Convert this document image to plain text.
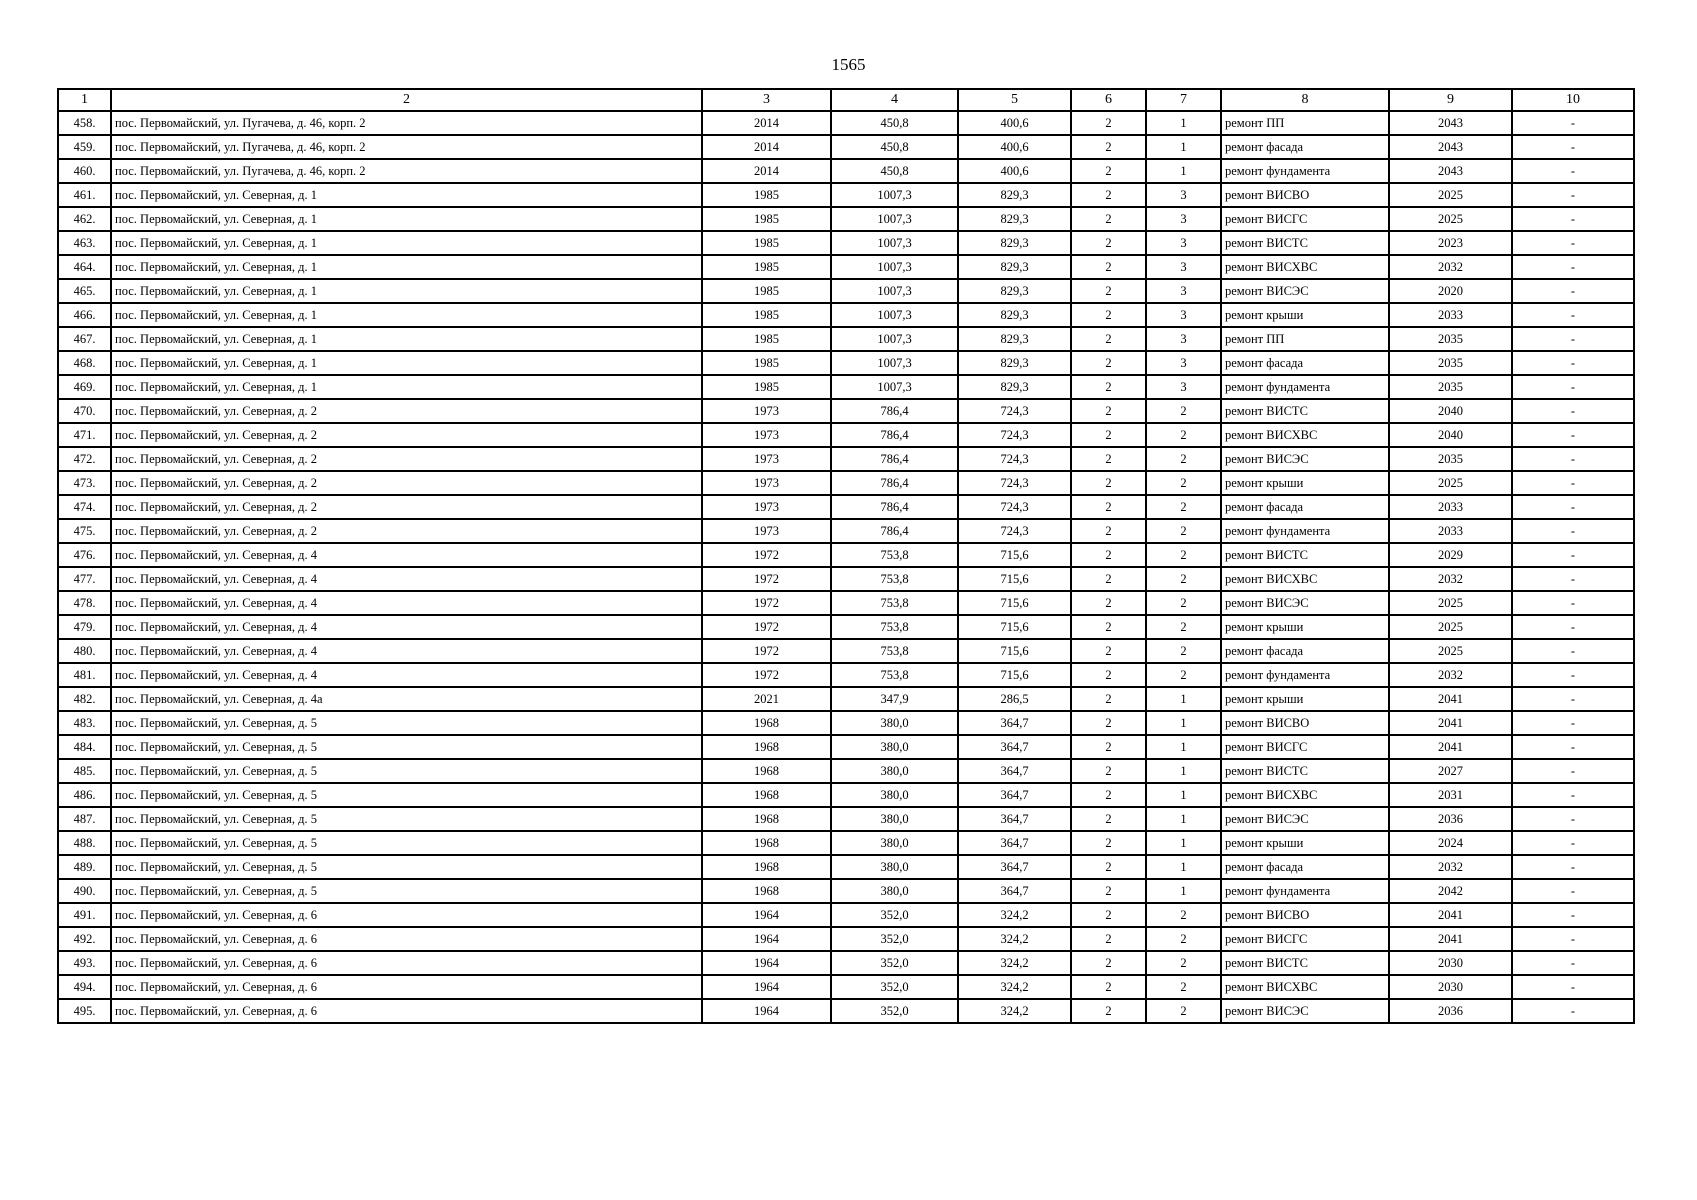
1565
1	2	3	4	5	6	7	8	9	10
458.	пос. Первомайский, ул. Пугачева, д. 46, корп. 2	2014	450,8	400,6	2	1	ремонт ПП	2043	-
459.	пос. Первомайский, ул. Пугачева, д. 46, корп. 2	2014	450,8	400,6	2	1	ремонт фасада	2043	-
460.	пос. Первомайский, ул. Пугачева, д. 46, корп. 2	2014	450,8	400,6	2	1	ремонт фундамента	2043	-
461.	пос. Первомайский, ул. Северная, д. 1	1985	1007,3	829,3	2	3	ремонт ВИСВО	2025	-
462.	пос. Первомайский, ул. Северная, д. 1	1985	1007,3	829,3	2	3	ремонт ВИСГС	2025	-
463.	пос. Первомайский, ул. Северная, д. 1	1985	1007,3	829,3	2	3	ремонт ВИСТС	2023	-
464.	пос. Первомайский, ул. Северная, д. 1	1985	1007,3	829,3	2	3	ремонт ВИСХВС	2032	-
465.	пос. Первомайский, ул. Северная, д. 1	1985	1007,3	829,3	2	3	ремонт ВИСЭС	2020	-
466.	пос. Первомайский, ул. Северная, д. 1	1985	1007,3	829,3	2	3	ремонт крыши	2033	-
467.	пос. Первомайский, ул. Северная, д. 1	1985	1007,3	829,3	2	3	ремонт ПП	2035	-
468.	пос. Первомайский, ул. Северная, д. 1	1985	1007,3	829,3	2	3	ремонт фасада	2035	-
469.	пос. Первомайский, ул. Северная, д. 1	1985	1007,3	829,3	2	3	ремонт фундамента	2035	-
470.	пос. Первомайский, ул. Северная, д. 2	1973	786,4	724,3	2	2	ремонт ВИСТС	2040	-
471.	пос. Первомайский, ул. Северная, д. 2	1973	786,4	724,3	2	2	ремонт ВИСХВС	2040	-
472.	пос. Первомайский, ул. Северная, д. 2	1973	786,4	724,3	2	2	ремонт ВИСЭС	2035	-
473.	пос. Первомайский, ул. Северная, д. 2	1973	786,4	724,3	2	2	ремонт крыши	2025	-
474.	пос. Первомайский, ул. Северная, д. 2	1973	786,4	724,3	2	2	ремонт фасада	2033	-
475.	пос. Первомайский, ул. Северная, д. 2	1973	786,4	724,3	2	2	ремонт фундамента	2033	-
476.	пос. Первомайский, ул. Северная, д. 4	1972	753,8	715,6	2	2	ремонт ВИСТС	2029	-
477.	пос. Первомайский, ул. Северная, д. 4	1972	753,8	715,6	2	2	ремонт ВИСХВС	2032	-
478.	пос. Первомайский, ул. Северная, д. 4	1972	753,8	715,6	2	2	ремонт ВИСЭС	2025	-
479.	пос. Первомайский, ул. Северная, д. 4	1972	753,8	715,6	2	2	ремонт крыши	2025	-
480.	пос. Первомайский, ул. Северная, д. 4	1972	753,8	715,6	2	2	ремонт фасада	2025	-
481.	пос. Первомайский, ул. Северная, д. 4	1972	753,8	715,6	2	2	ремонт фундамента	2032	-
482.	пос. Первомайский, ул. Северная, д. 4а	2021	347,9	286,5	2	1	ремонт крыши	2041	-
483.	пос. Первомайский, ул. Северная, д. 5	1968	380,0	364,7	2	1	ремонт ВИСВО	2041	-
484.	пос. Первомайский, ул. Северная, д. 5	1968	380,0	364,7	2	1	ремонт ВИСГС	2041	-
485.	пос. Первомайский, ул. Северная, д. 5	1968	380,0	364,7	2	1	ремонт ВИСТС	2027	-
486.	пос. Первомайский, ул. Северная, д. 5	1968	380,0	364,7	2	1	ремонт ВИСХВС	2031	-
487.	пос. Первомайский, ул. Северная, д. 5	1968	380,0	364,7	2	1	ремонт ВИСЭС	2036	-
488.	пос. Первомайский, ул. Северная, д. 5	1968	380,0	364,7	2	1	ремонт крыши	2024	-
489.	пос. Первомайский, ул. Северная, д. 5	1968	380,0	364,7	2	1	ремонт фасада	2032	-
490.	пос. Первомайский, ул. Северная, д. 5	1968	380,0	364,7	2	1	ремонт фундамента	2042	-
491.	пос. Первомайский, ул. Северная, д. 6	1964	352,0	324,2	2	2	ремонт ВИСВО	2041	-
492.	пос. Первомайский, ул. Северная, д. 6	1964	352,0	324,2	2	2	ремонт ВИСГС	2041	-
493.	пос. Первомайский, ул. Северная, д. 6	1964	352,0	324,2	2	2	ремонт ВИСТС	2030	-
494.	пос. Первомайский, ул. Северная, д. 6	1964	352,0	324,2	2	2	ремонт ВИСХВС	2030	-
495.	пос. Первомайский, ул. Северная, д. 6	1964	352,0	324,2	2	2	ремонт ВИСЭС	2036	-
